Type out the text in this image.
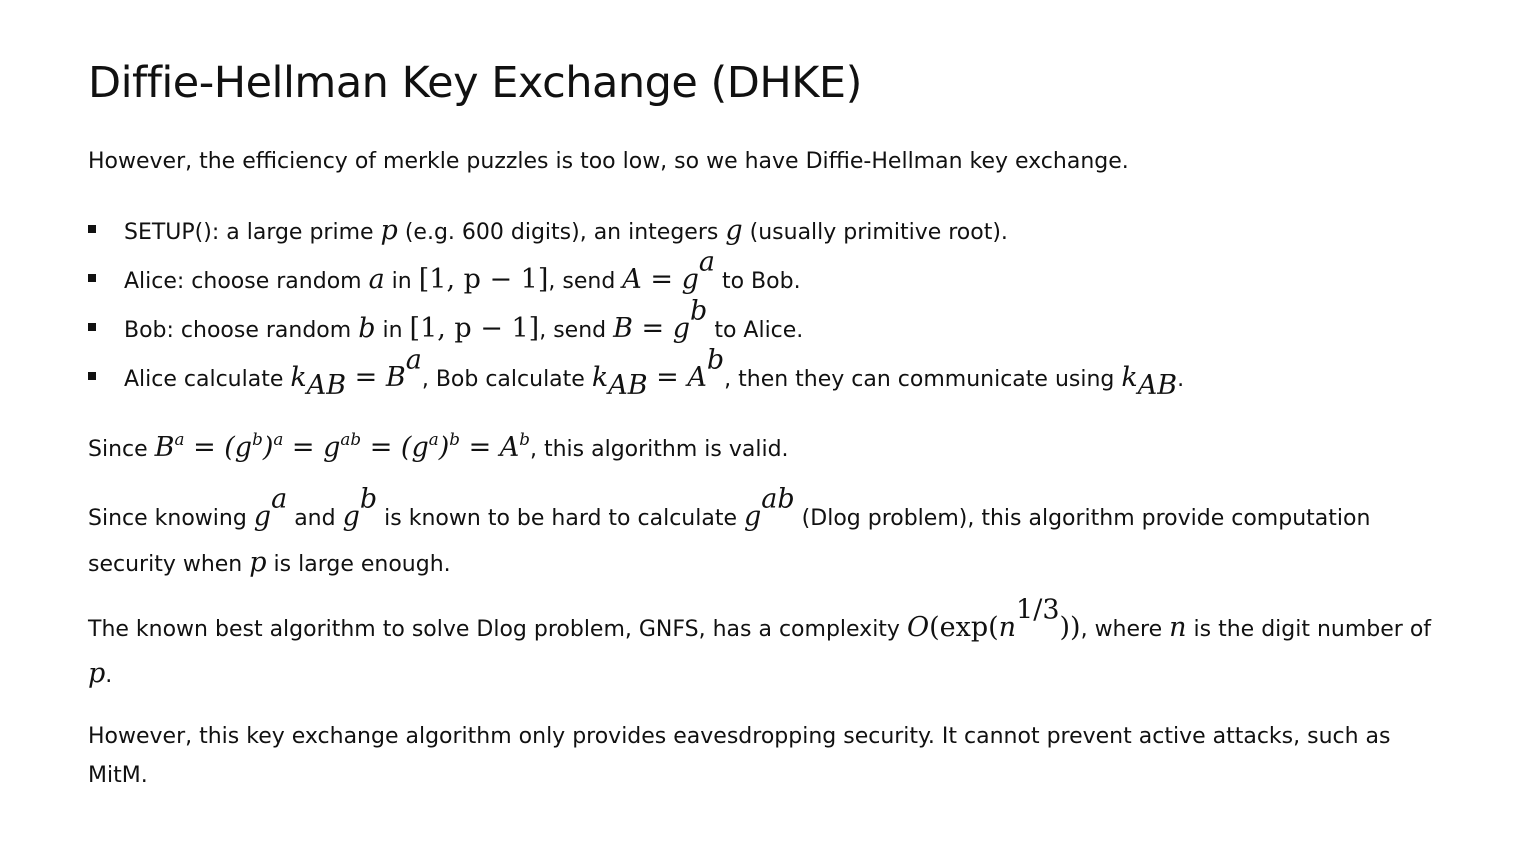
Diffie-Hellman Key Exchange (DHKE)

However, the efficiency of merkle puzzles is too low, so we have Diffie-Hellman key exchange.

SETUP(): a large prime p (e.g. 600 digits), an integers g (usually primitive root).
Alice: choose random a in [1, p − 1], send $A = g^a$ to Bob.
Bob: choose random b in [1, p − 1], send $B = g^b$ to Alice.
Alice calculate $k_{AB} = B^a$, Bob calculate $k_{AB} = A^b$, then they can communicate using $k_{AB}$.

Since $B^a = (g^b)^a = g^{ab} = (g^a)^b = A^b$, this algorithm is valid.

Since knowing $g^a$ and $g^b$ is known to be hard to calculate $g^{ab}$ (Dlog problem), this algorithm provide computation security when p is large enough.

The known best algorithm to solve Dlog problem, GNFS, has a complexity $O(\exp(n^{1/3}))$, where n is the digit number of p.

However, this key exchange algorithm only provides eavesdropping security. It cannot prevent active attacks, such as MitM.
